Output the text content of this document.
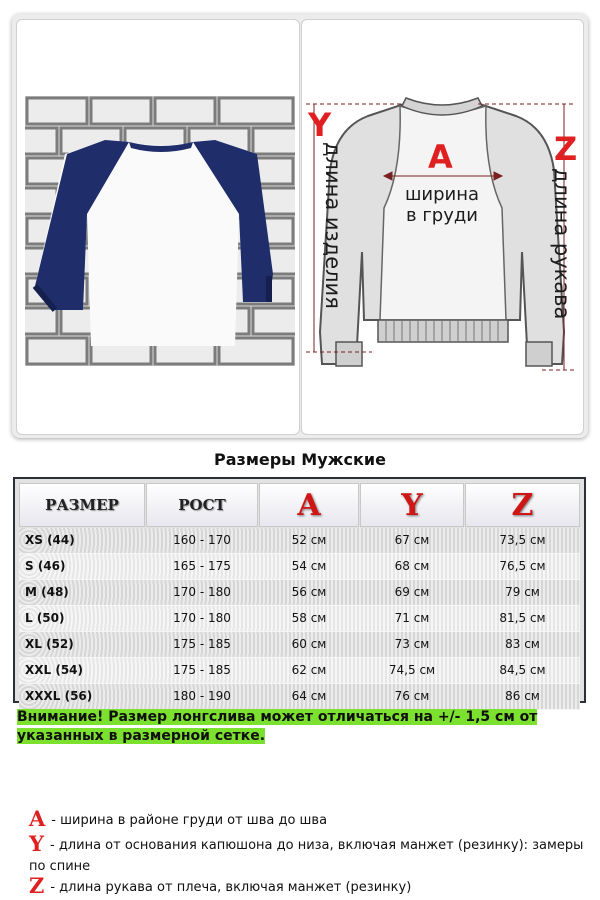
Y
A	Z
ширина
в груди
длина изделия	длина рукава
Размеры Мужские
РАЗМЕР	РОСТ	A	Y	Z
XS (44)	160 - 170	52 см	67 см	73,5 см
S (46)	165 - 175	54 см	68 см	76,5 см
M (48)	170 - 180	56 см	69 см	79 см
L (50)	170 - 180	58 см	71 см	81,5 см
XL (52)	175 - 185	60 см	73 см	83 см
XXL (54)	175 - 185	62 см	74,5 см	84,5 см
XXXL (56)	180 - 190	64 см	76 см	86 см
Внимание! Размер лонгслива может отличаться на +/- 1,5 см от указанных в размерной сетке.
A - ширина в районе груди от шва до шва
Y - длина от основания капюшона до низа, включая манжет (резинку): замеры по спине
Z - длина рукава от плеча, включая манжет (резинку)
